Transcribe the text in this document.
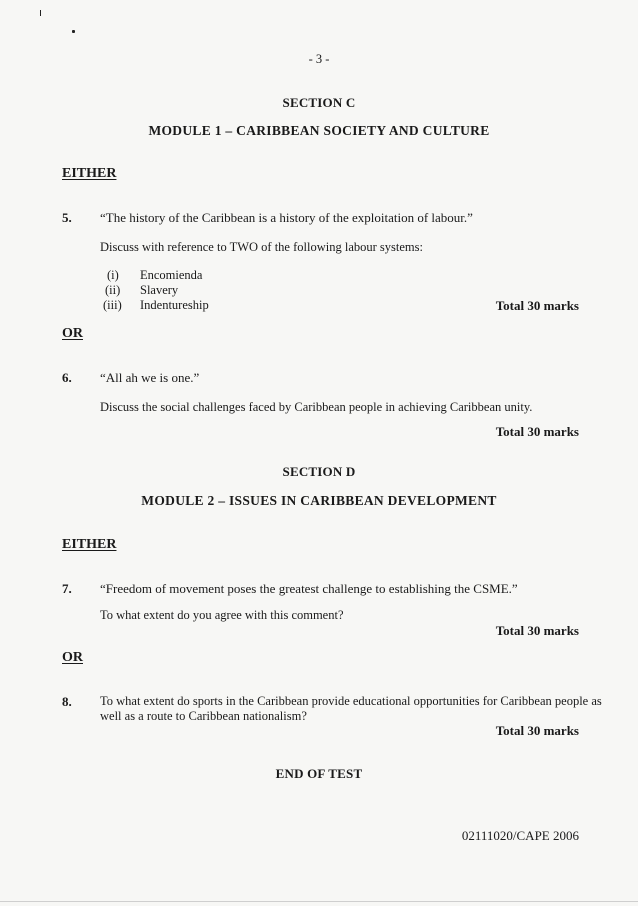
- 3 -
SECTION C
MODULE 1 – CARIBBEAN SOCIETY AND CULTURE
EITHER
5. “The history of the Caribbean is a history of the exploitation of labour.”
Discuss with reference to TWO of the following labour systems:
(i) Encomienda
(ii) Slavery
(iii) Indentureship	Total 30 marks
OR
6. “All ah we is one.”
Discuss the social challenges faced by Caribbean people in achieving Caribbean unity.
Total 30 marks
SECTION D
MODULE 2 – ISSUES IN CARIBBEAN DEVELOPMENT
EITHER
7. “Freedom of movement poses the greatest challenge to establishing the CSME.”
To what extent do you agree with this comment?
Total 30 marks
OR
8. To what extent do sports in the Caribbean provide educational opportunities for Caribbean people as
well as a route to Caribbean nationalism?
Total 30 marks
END OF TEST
02111020/CAPE 2006
